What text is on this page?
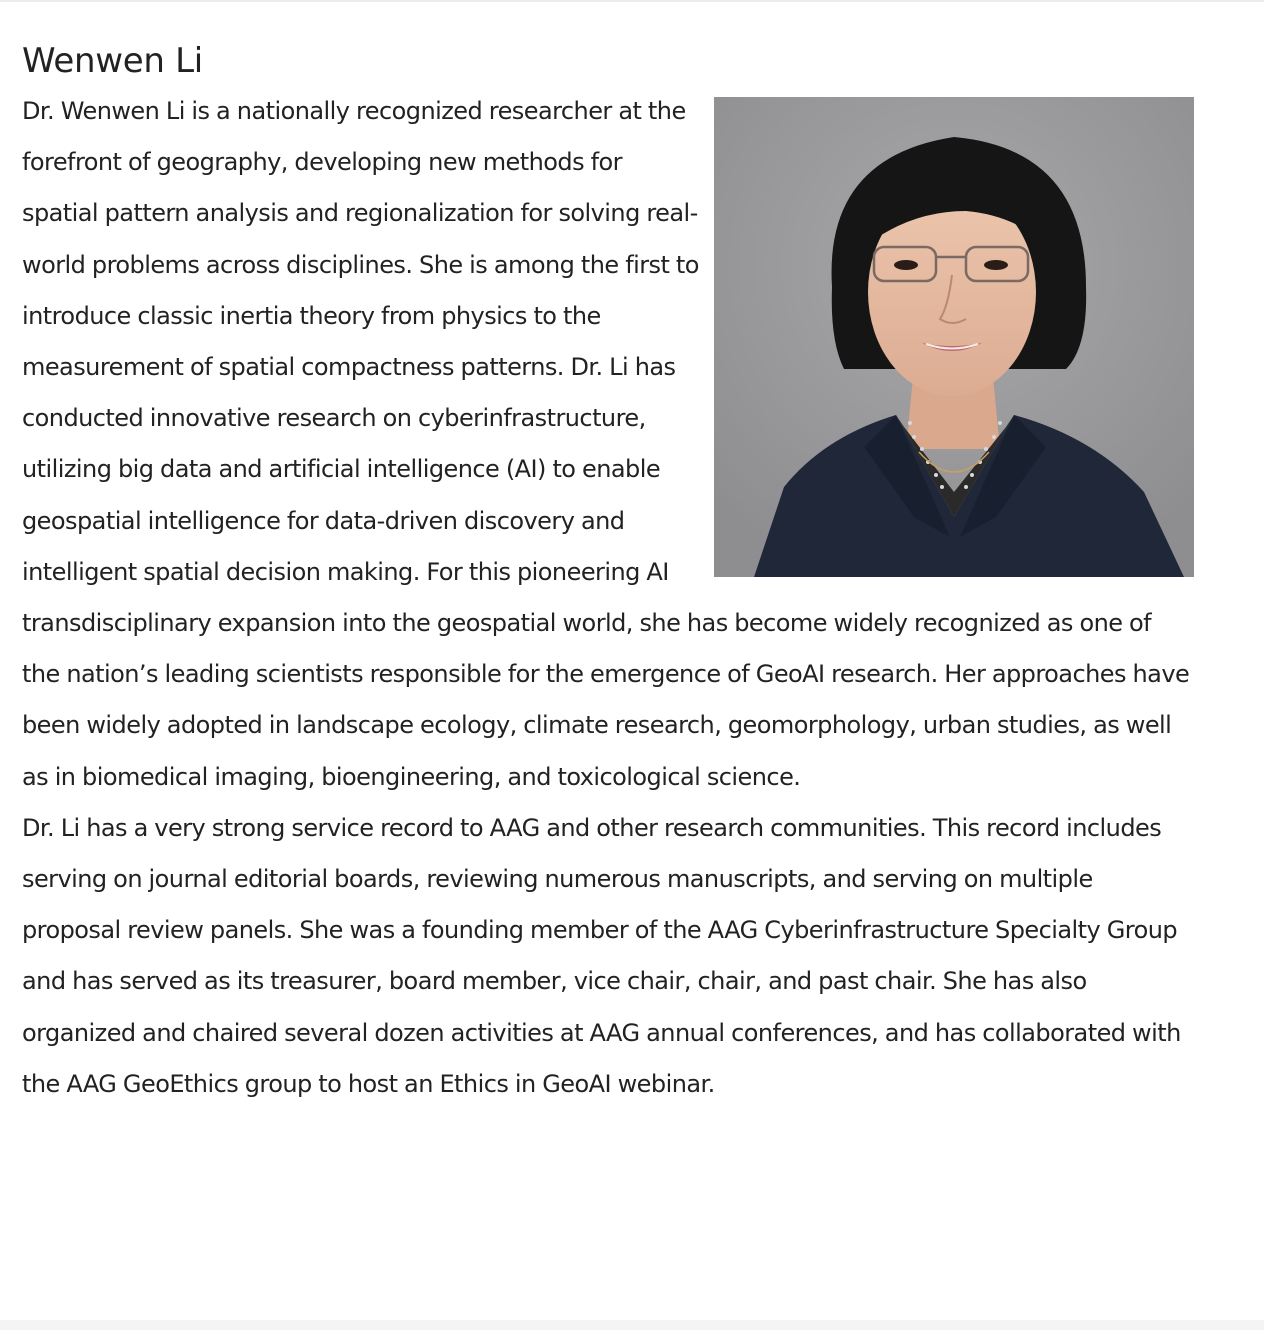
Wenwen Li

Dr. Wenwen Li is a nationally recognized researcher at the forefront of geography, developing new methods for spatial pattern analysis and regionalization for solving real-world problems across disciplines. She is among the first to introduce classic inertia theory from physics to the measurement of spatial compactness patterns. Dr. Li has conducted innovative research on cyberinfrastructure, utilizing big data and artificial intelligence (AI) to enable geospatial intelligence for data-driven discovery and intelligent spatial decision making. For this pioneering AI transdisciplinary expansion into the geospatial world, she has become widely recognized as one of the nation’s leading scientists responsible for the emergence of GeoAI research. Her approaches have been widely adopted in landscape ecology, climate research, geomorphology, urban studies, as well as in biomedical imaging, bioengineering, and toxicological science.

Dr. Li has a very strong service record to AAG and other research communities. This record includes serving on journal editorial boards, reviewing numerous manuscripts, and serving on multiple proposal review panels. She was a founding member of the AAG Cyberinfrastructure Specialty Group and has served as its treasurer, board member, vice chair, chair, and past chair. She has also organized and chaired several dozen activities at AAG annual conferences, and has collaborated with the AAG GeoEthics group to host an Ethics in GeoAI webinar.
